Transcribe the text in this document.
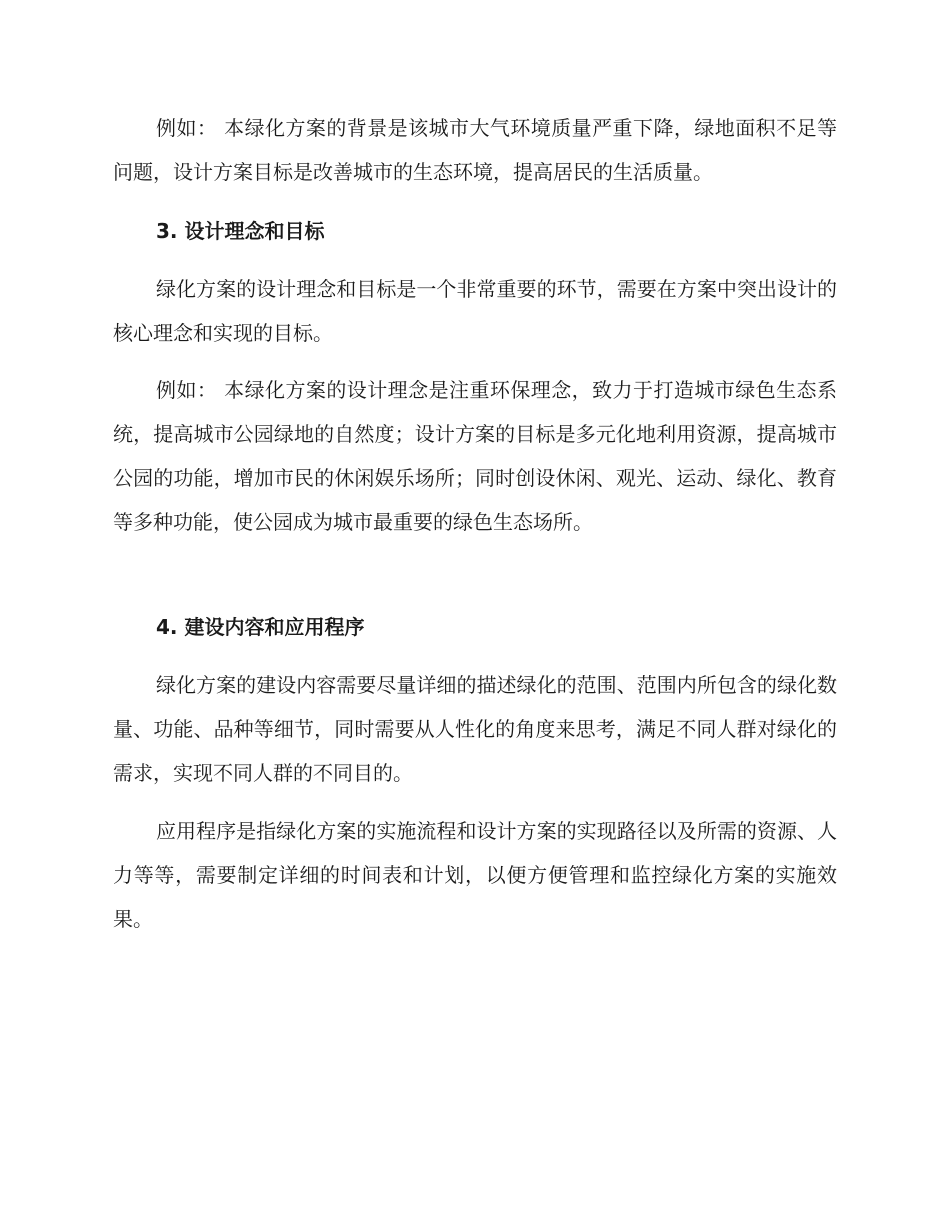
例如： 本绿化方案的背景是该城市大气环境质量严重下降，绿地面积不足等问题，设计方案目标是改善城市的生态环境，提高居民的生活质量。

3. 设计理念和目标

绿化方案的设计理念和目标是一个非常重要的环节，需要在方案中突出设计的核心理念和实现的目标。

例如： 本绿化方案的设计理念是注重环保理念，致力于打造城市绿色生态系统，提高城市公园绿地的自然度；设计方案的目标是多元化地利用资源，提高城市公园的功能，增加市民的休闲娱乐场所；同时创设休闲、观光、运动、绿化、教育等多种功能，使公园成为城市最重要的绿色生态场所。

4. 建设内容和应用程序

绿化方案的建设内容需要尽量详细的描述绿化的范围、范围内所包含的绿化数量、功能、品种等细节，同时需要从人性化的角度来思考，满足不同人群对绿化的需求，实现不同人群的不同目的。

应用程序是指绿化方案的实施流程和设计方案的实现路径以及所需的资源、人力等等，需要制定详细的时间表和计划，以便方便管理和监控绿化方案的实施效果。
